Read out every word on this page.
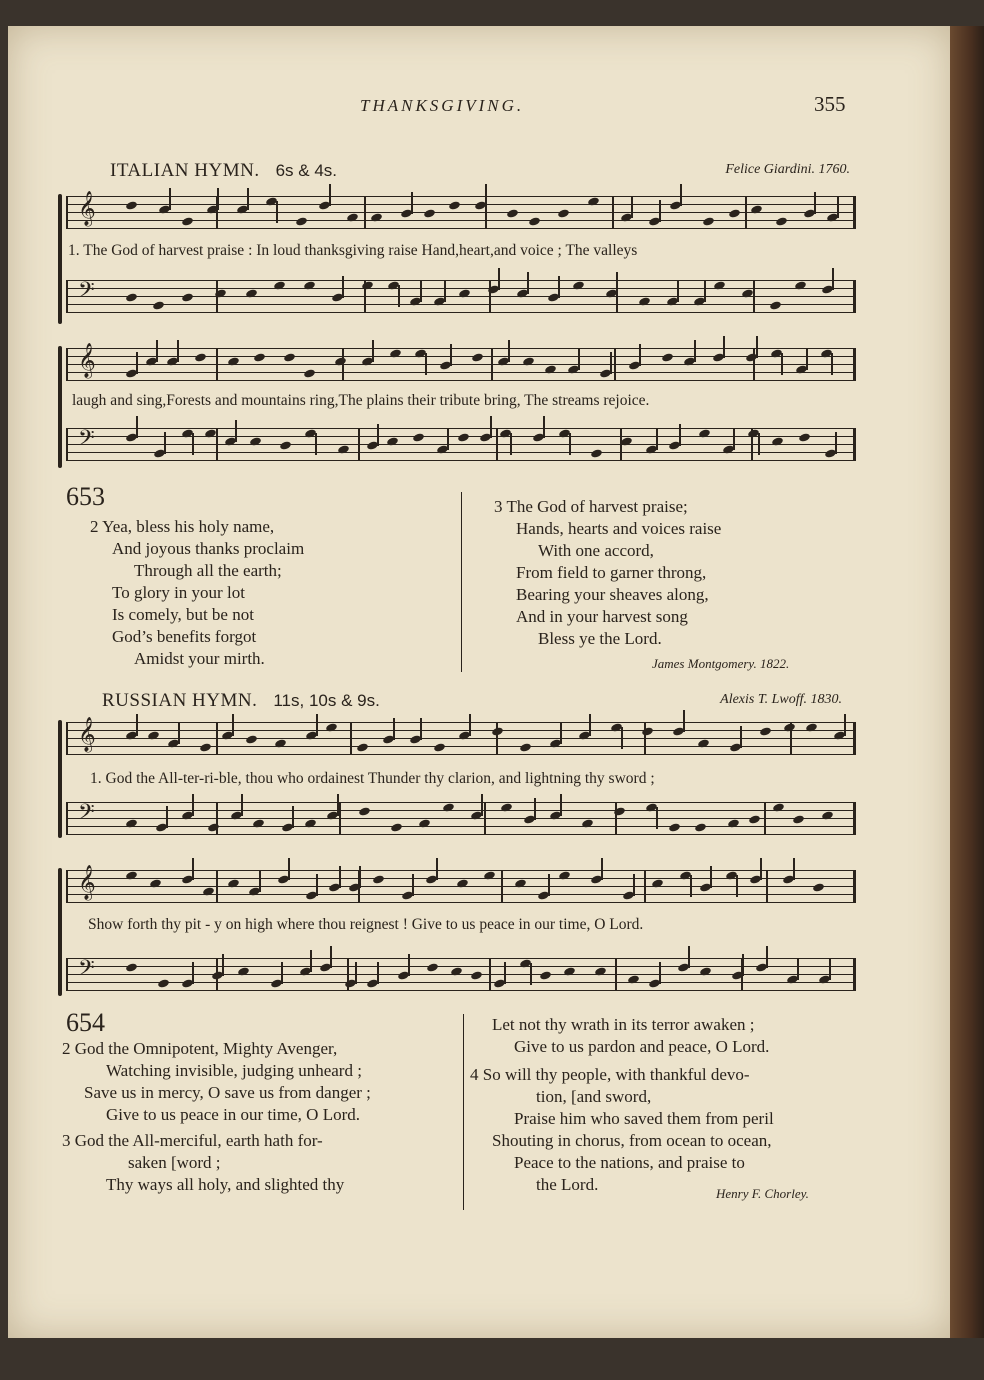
THANKSGIVING.	355
ITALIAN HYMN. 6s & 4s.	Felice Giardini. 1760.
𝄞
1. The God of harvest praise : In loud thanksgiving raise Hand,heart,and voice ; The valleys
𝄢
𝄞
laugh and sing,Forests and mountains ring,The plains their tribute bring, The streams rejoice.
𝄢
653
2 Yea, bless his holy name,
And joyous thanks proclaim
Through all the earth;
To glory in your lot
Is comely, but be not
God’s benefits forgot
Amidst your mirth.
3 The God of harvest praise;
Hands, hearts and voices raise
With one accord,
From field to garner throng,
Bearing your sheaves along,
And in your harvest song
Bless ye the Lord.
James Montgomery. 1822.
RUSSIAN HYMN. 11s, 10s & 9s.	Alexis T. Lwoff. 1830.
𝄞
1. God the All-ter-ri-ble, thou who ordainest Thunder thy clarion, and lightning thy sword ;
𝄢
𝄞
Show forth thy pit - y on high where thou reignest ! Give to us peace in our time, O Lord.
𝄢
654
2 God the Omnipotent, Mighty Avenger,
Watching invisible, judging unheard ;
Save us in mercy, O save us from danger ;
Give to us peace in our time, O Lord.
3 God the All-merciful, earth hath for-
saken [word ;
Thy ways all holy, and slighted thy
Let not thy wrath in its terror awaken ;
Give to us pardon and peace, O Lord.
4 So will thy people, with thankful devo-
tion, [and sword,
Praise him who saved them from peril
Shouting in chorus, from ocean to ocean,
Peace to the nations, and praise to
the Lord.	Henry F. Chorley.
